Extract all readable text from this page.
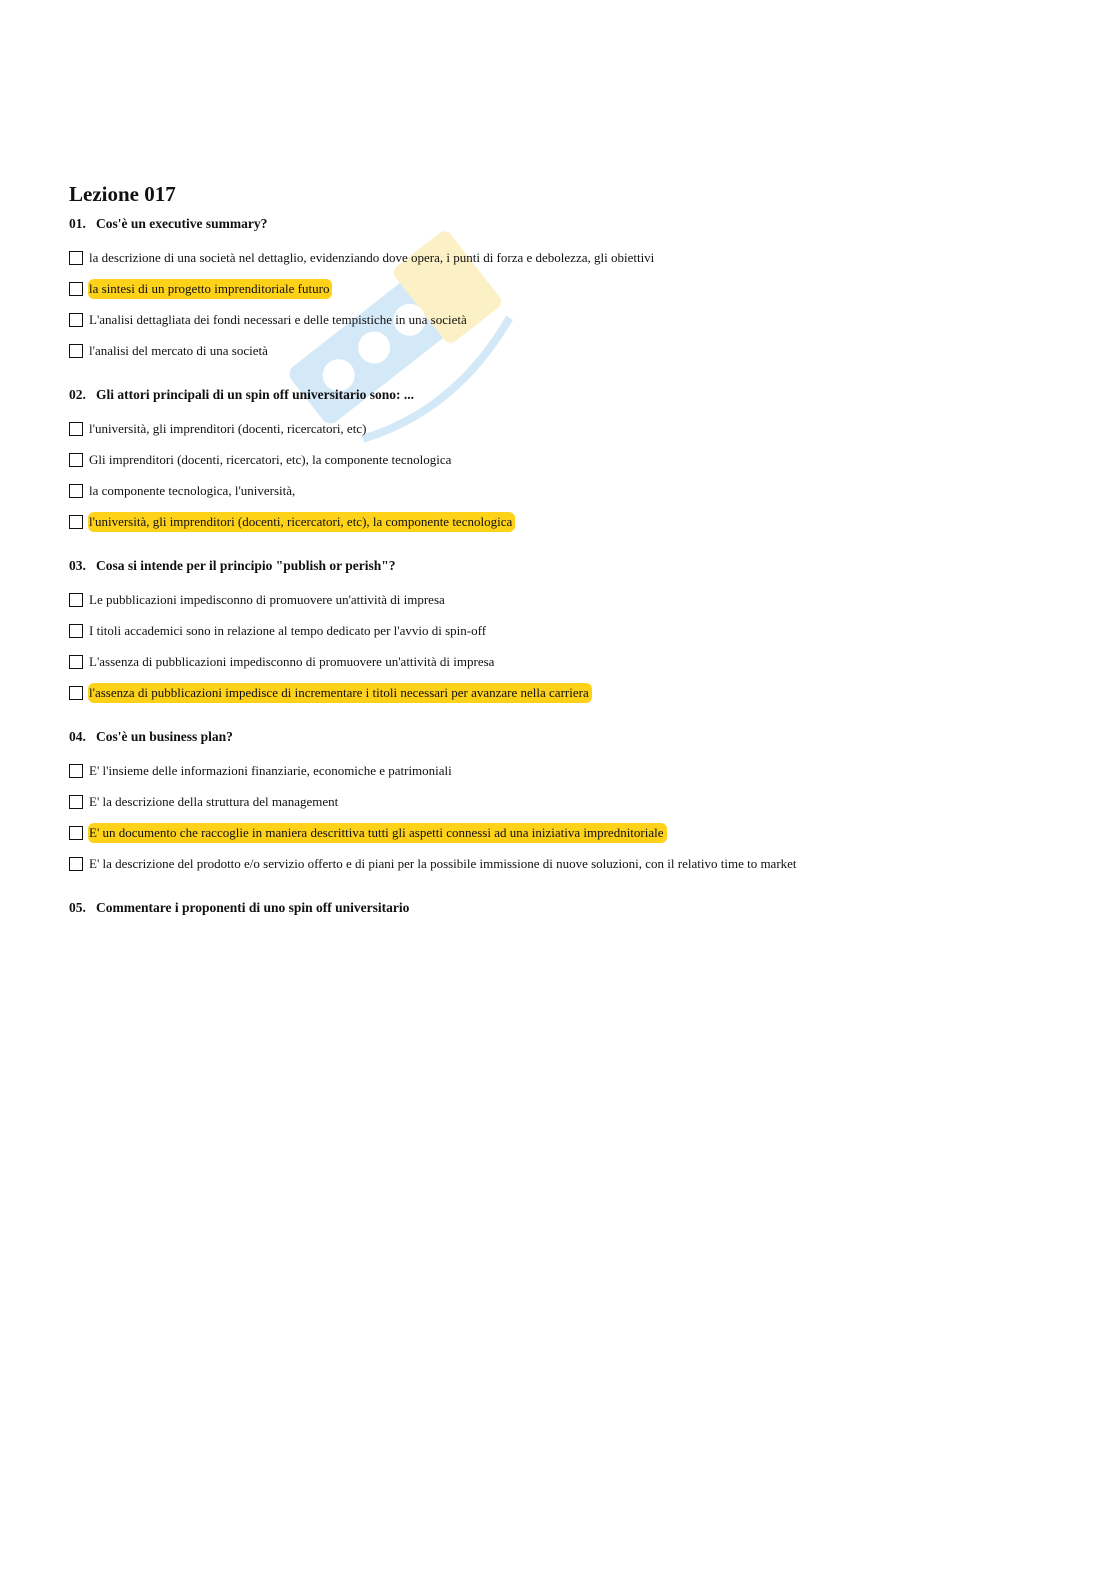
Lezione 017
01. Cos'è un executive summary?
la descrizione di una società nel dettaglio, evidenziando dove opera, i punti di forza e debolezza, gli obiettivi
la sintesi di un progetto imprenditoriale futuro
L'analisi dettagliata dei fondi necessari e delle tempistiche in una società
l'analisi del mercato di una società
02. Gli attori principali di un spin off universitario sono: ...
l'università, gli imprenditori (docenti, ricercatori, etc)
Gli imprenditori (docenti, ricercatori, etc), la componente tecnologica
la componente tecnologica, l'università,
l'università, gli imprenditori (docenti, ricercatori, etc), la componente tecnologica
03. Cosa si intende per il principio "publish or perish"?
Le pubblicazioni impedisconno di promuovere un'attività di impresa
I titoli accademici sono in relazione al tempo dedicato per l'avvio di spin-off
L'assenza di pubblicazioni impedisconno di promuovere un'attività di impresa
l'assenza di pubblicazioni impedisce di incrementare i titoli necessari per avanzare nella carriera
04. Cos'è un business plan?
E' l'insieme delle informazioni finanziarie, economiche e patrimoniali
E' la descrizione della struttura del management
E' un documento che raccoglie in maniera descrittiva tutti gli aspetti connessi ad una iniziativa imprednitoriale
E' la descrizione del prodotto e/o servizio offerto e di piani per la possibile immissione di nuove soluzioni, con il relativo time to market
05. Commentare i proponenti di uno spin off universitario
